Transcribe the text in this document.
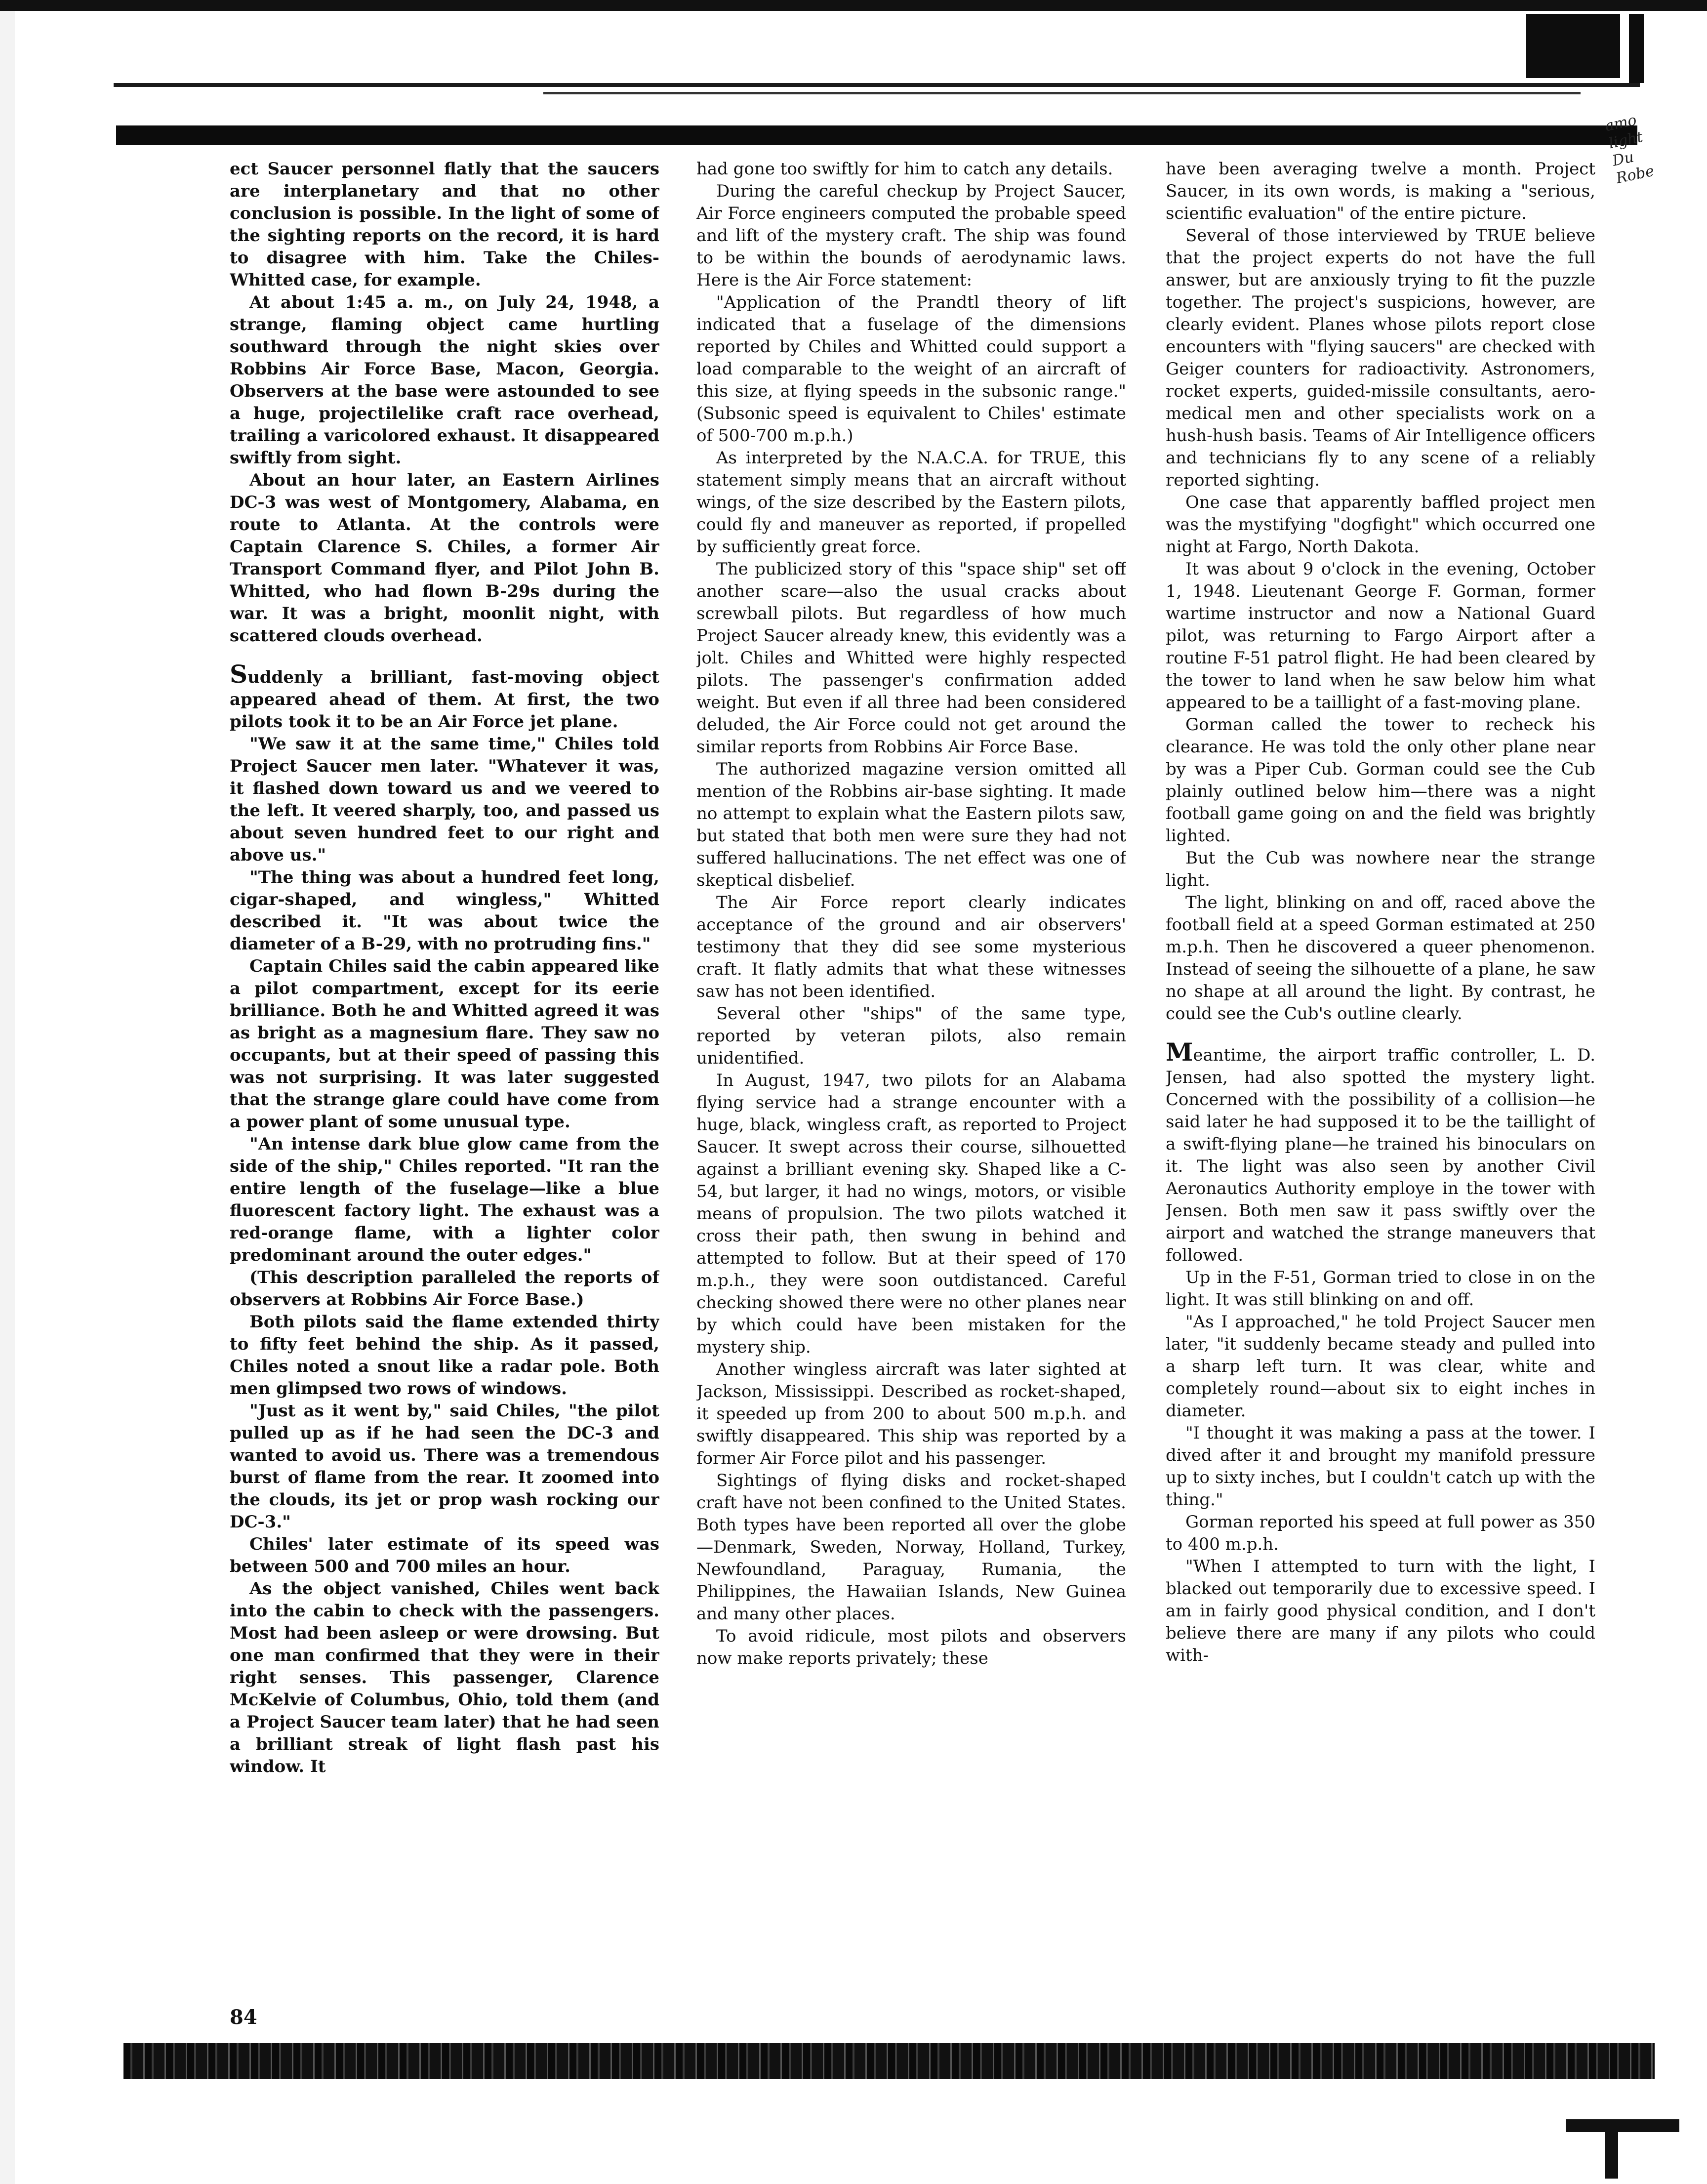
amo light Du Robe

ect Saucer personnel flatly that the saucers are interplanetary and that no other conclusion is possible. In the light of some of the sighting reports on the record, it is hard to disagree with him. Take the Chiles-Whitted case, for example.

At about 1:45 a. m., on July 24, 1948, a strange, flaming object came hurtling southward through the night skies over Robbins Air Force Base, Macon, Georgia. Observers at the base were astounded to see a huge, projectilelike craft race overhead, trailing a varicolored exhaust. It disappeared swiftly from sight.

About an hour later, an Eastern Airlines DC-3 was west of Montgomery, Alabama, en route to Atlanta. At the controls were Captain Clarence S. Chiles, a former Air Transport Command flyer, and Pilot John B. Whitted, who had flown B-29s during the war. It was a bright, moonlit night, with scattered clouds overhead.

Suddenly a brilliant, fast-moving object appeared ahead of them. At first, the two pilots took it to be an Air Force jet plane.

"We saw it at the same time," Chiles told Project Saucer men later. "Whatever it was, it flashed down toward us and we veered to the left. It veered sharply, too, and passed us about seven hundred feet to our right and above us."

"The thing was about a hundred feet long, cigar-shaped, and wingless," Whitted described it. "It was about twice the diameter of a B-29, with no protruding fins."

Captain Chiles said the cabin appeared like a pilot compartment, except for its eerie brilliance. Both he and Whitted agreed it was as bright as a magnesium flare. They saw no occupants, but at their speed of passing this was not surprising. It was later suggested that the strange glare could have come from a power plant of some unusual type.

"An intense dark blue glow came from the side of the ship," Chiles reported. "It ran the entire length of the fuselage—like a blue fluorescent factory light. The exhaust was a red-orange flame, with a lighter color predominant around the outer edges."

(This description paralleled the reports of observers at Robbins Air Force Base.)

Both pilots said the flame extended thirty to fifty feet behind the ship. As it passed, Chiles noted a snout like a radar pole. Both men glimpsed two rows of windows.

"Just as it went by," said Chiles, "the pilot pulled up as if he had seen the DC-3 and wanted to avoid us. There was a tremendous burst of flame from the rear. It zoomed into the clouds, its jet or prop wash rocking our DC-3."

Chiles' later estimate of its speed was between 500 and 700 miles an hour.

As the object vanished, Chiles went back into the cabin to check with the passengers. Most had been asleep or were drowsing. But one man confirmed that they were in their right senses. This passenger, Clarence McKelvie of Columbus, Ohio, told them (and a Project Saucer team later) that he had seen a brilliant streak of light flash past his window. It

had gone too swiftly for him to catch any details.

During the careful checkup by Project Saucer, Air Force engineers computed the probable speed and lift of the mystery craft. The ship was found to be within the bounds of aerodynamic laws. Here is the Air Force statement:

"Application of the Prandtl theory of lift indicated that a fuselage of the dimensions reported by Chiles and Whitted could support a load comparable to the weight of an aircraft of this size, at flying speeds in the subsonic range." (Subsonic speed is equivalent to Chiles' estimate of 500-700 m.p.h.)

As interpreted by the N.A.C.A. for TRUE, this statement simply means that an aircraft without wings, of the size described by the Eastern pilots, could fly and maneuver as reported, if propelled by sufficiently great force.

The publicized story of this "space ship" set off another scare—also the usual cracks about screwball pilots. But regardless of how much Project Saucer already knew, this evidently was a jolt. Chiles and Whitted were highly respected pilots. The passenger's confirmation added weight. But even if all three had been considered deluded, the Air Force could not get around the similar reports from Robbins Air Force Base.

The authorized magazine version omitted all mention of the Robbins air-base sighting. It made no attempt to explain what the Eastern pilots saw, but stated that both men were sure they had not suffered hallucinations. The net effect was one of skeptical disbelief.

The Air Force report clearly indicates acceptance of the ground and air observers' testimony that they did see some mysterious craft. It flatly admits that what these witnesses saw has not been identified.

Several other "ships" of the same type, reported by veteran pilots, also remain unidentified.

In August, 1947, two pilots for an Alabama flying service had a strange encounter with a huge, black, wingless craft, as reported to Project Saucer. It swept across their course, silhouetted against a brilliant evening sky. Shaped like a C-54, but larger, it had no wings, motors, or visible means of propulsion. The two pilots watched it cross their path, then swung in behind and attempted to follow. But at their speed of 170 m.p.h., they were soon outdistanced. Careful checking showed there were no other planes near by which could have been mistaken for the mystery ship.

Another wingless aircraft was later sighted at Jackson, Mississippi. Described as rocket-shaped, it speeded up from 200 to about 500 m.p.h. and swiftly disappeared. This ship was reported by a former Air Force pilot and his passenger.

Sightings of flying disks and rocket-shaped craft have not been confined to the United States. Both types have been reported all over the globe—Denmark, Sweden, Norway, Holland, Turkey, Newfoundland, Paraguay, Rumania, the Philippines, the Hawaiian Islands, New Guinea and many other places.

To avoid ridicule, most pilots and observers now make reports privately; these

have been averaging twelve a month. Project Saucer, in its own words, is making a "serious, scientific evaluation" of the entire picture.

Several of those interviewed by TRUE believe that the project experts do not have the full answer, but are anxiously trying to fit the puzzle together. The project's suspicions, however, are clearly evident. Planes whose pilots report close encounters with "flying saucers" are checked with Geiger counters for radioactivity. Astronomers, rocket experts, guided-missile consultants, aero-medical men and other specialists work on a hush-hush basis. Teams of Air Intelligence officers and technicians fly to any scene of a reliably reported sighting.

One case that apparently baffled project men was the mystifying "dogfight" which occurred one night at Fargo, North Dakota.

It was about 9 o'clock in the evening, October 1, 1948. Lieutenant George F. Gorman, former wartime instructor and now a National Guard pilot, was returning to Fargo Airport after a routine F-51 patrol flight. He had been cleared by the tower to land when he saw below him what appeared to be a taillight of a fast-moving plane.

Gorman called the tower to recheck his clearance. He was told the only other plane near by was a Piper Cub. Gorman could see the Cub plainly outlined below him—there was a night football game going on and the field was brightly lighted.

But the Cub was nowhere near the strange light.

The light, blinking on and off, raced above the football field at a speed Gorman estimated at 250 m.p.h. Then he discovered a queer phenomenon. Instead of seeing the silhouette of a plane, he saw no shape at all around the light. By contrast, he could see the Cub's outline clearly.

Meantime, the airport traffic controller, L. D. Jensen, had also spotted the mystery light. Concerned with the possibility of a collision—he said later he had supposed it to be the taillight of a swift-flying plane—he trained his binoculars on it. The light was also seen by another Civil Aeronautics Authority employe in the tower with Jensen. Both men saw it pass swiftly over the airport and watched the strange maneuvers that followed.

Up in the F-51, Gorman tried to close in on the light. It was still blinking on and off.

"As I approached," he told Project Saucer men later, "it suddenly became steady and pulled into a sharp left turn. It was clear, white and completely round—about six to eight inches in diameter.

"I thought it was making a pass at the tower. I dived after it and brought my manifold pressure up to sixty inches, but I couldn't catch up with the thing."

Gorman reported his speed at full power as 350 to 400 m.p.h.

"When I attempted to turn with the light, I blacked out temporarily due to excessive speed. I am in fairly good physical condition, and I don't believe there are many if any pilots who could with-

84
